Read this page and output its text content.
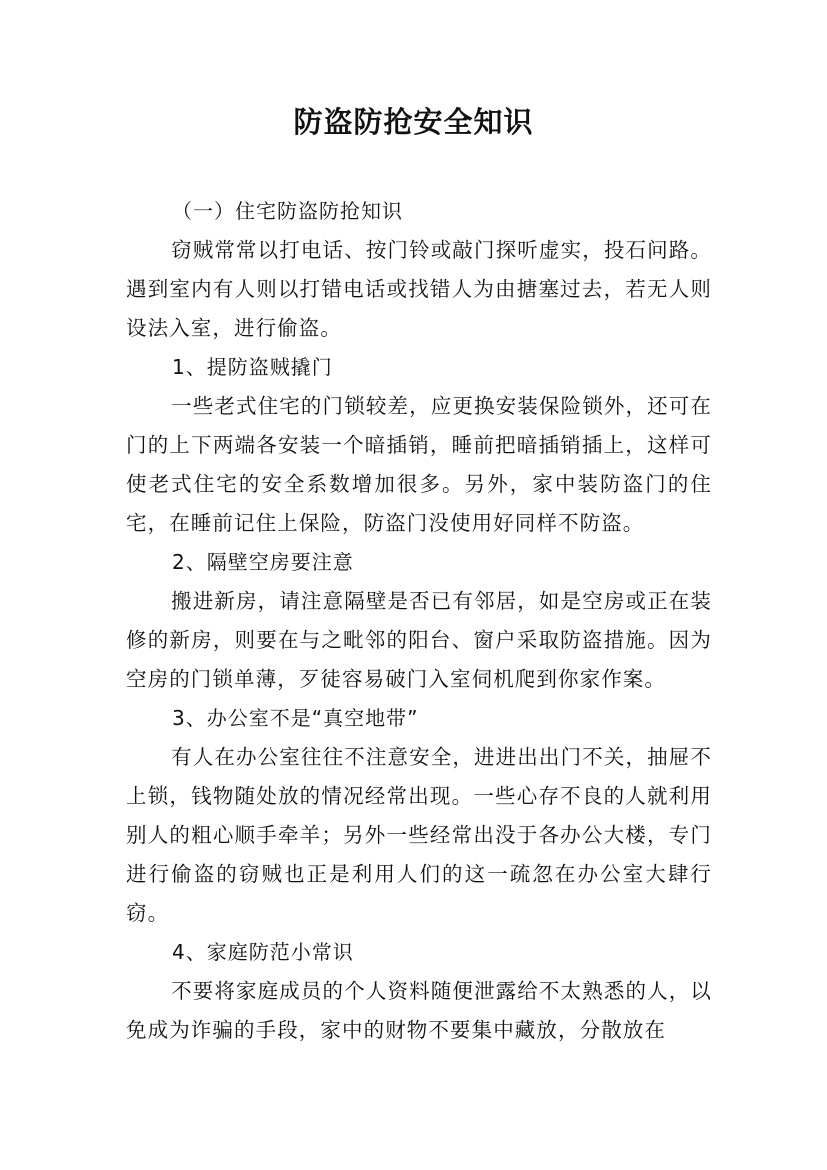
防盗防抢安全知识

（一）住宅防盗防抢知识

窃贼常常以打电话、按门铃或敲门探听虚实，投石问路。遇到室内有人则以打错电话或找错人为由搪塞过去，若无人则设法入室，进行偷盗。

1、提防盗贼撬门

一些老式住宅的门锁较差，应更换安装保险锁外，还可在门的上下两端各安装一个暗插销，睡前把暗插销插上，这样可使老式住宅的安全系数增加很多。另外，家中装防盗门的住宅，在睡前记住上保险，防盗门没使用好同样不防盗。

2、隔壁空房要注意

搬进新房，请注意隔壁是否已有邻居，如是空房或正在装修的新房，则要在与之毗邻的阳台、窗户采取防盗措施。因为空房的门锁单薄，歹徒容易破门入室伺机爬到你家作案。

3、办公室不是“真空地带”

有人在办公室往往不注意安全，进进出出门不关，抽屉不上锁，钱物随处放的情况经常出现。一些心存不良的人就利用别人的粗心顺手牵羊；另外一些经常出没于各办公大楼，专门进行偷盗的窃贼也正是利用人们的这一疏忽在办公室大肆行窃。

4、家庭防范小常识

不要将家庭成员的个人资料随便泄露给不太熟悉的人，以免成为诈骗的手段，家中的财物不要集中藏放，分散放在
